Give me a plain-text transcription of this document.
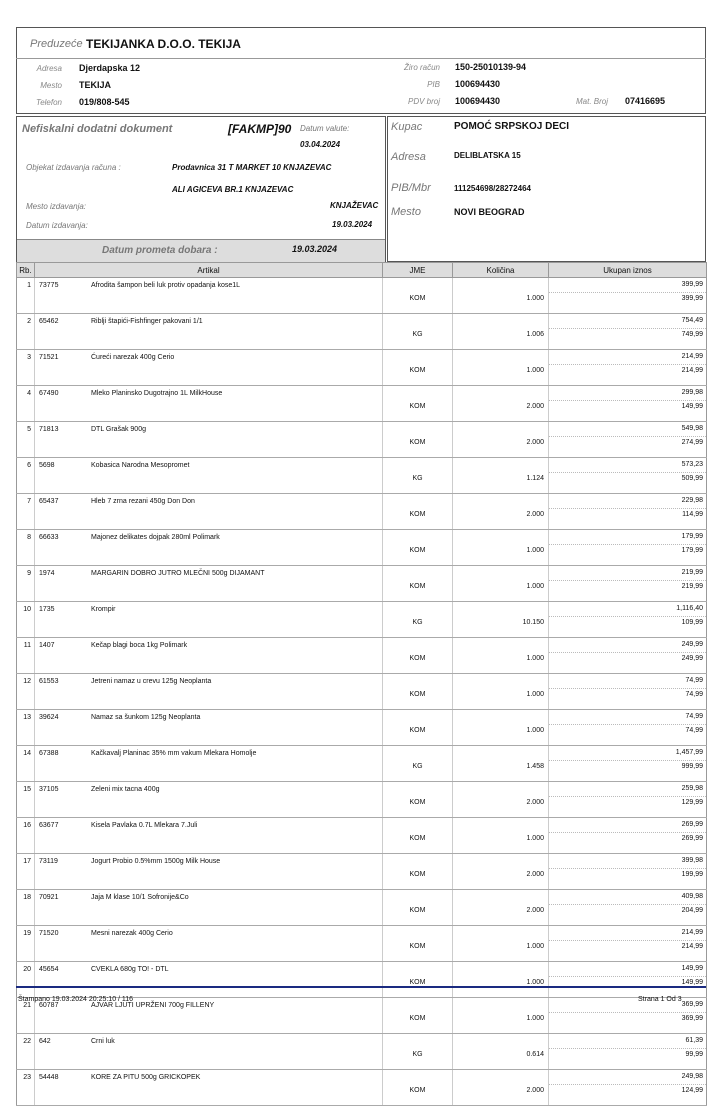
Preduzeće TEKIJANKA D.O.O. TEKIJA
Adresa Djerdapska 12
Mesto TEKIJA
Telefon 019/808-545
Žiro račun 150-25010139-94
PIB 100694430
PDV broj 100694430	Mat. Broj 07416695
Nefiskalni dodatni dokument	[FAKMP]90 Datum valute:
03.04.2024
Objekat izdavanja računa :	Prodavnica 31 T MARKET 10 KNJAZEVAC
ALI AGICEVA BR.1 KNJAZEVAC
Mesto izdavanja:	KNJAŽEVAC
Datum izdavanja:	19.03.2024
Datum prometa dobara :	19.03.2024
Kupac	POMOĆ SRPSKOJ DECI
Adresa	DELIBLATSKA 15
PIB/Mbr	111254698/28272464
Mesto	NOVI BEOGRAD
Rb.	Artikal	JME	Količina	Ukupan iznos
1	73775 Afrodita šampon beli luk protiv opadanja kose1L	KOM	1.000	399,99
399,99

2	65462 Riblji štapići-Fishfinger pakovani 1/1	KG	1.006	754,49
749,99

3	71521 Ćureći narezak 400g Cerio	KOM	1.000	214,99
214,99

4	67490 Mleko Planinsko Dugotrajno 1L MilkHouse	KOM	2.000	299,98
149,99

5	71813 DTL Grašak 900g	KOM	2.000	549,98
274,99

6	5698 Kobasica Narodna Mesopromet	KG	1.124	573,23
509,99

7	65437 Hleb 7 zrna rezani 450g Don Don	KOM	2.000	229,98
114,99

8	66633 Majonez delikates dojpak 280ml Polimark	KOM	1.000	179,99
179,99

9	1974 MARGARIN DOBRO JUTRO MLEČNI 500g DIJAMANT	KOM	1.000	219,99
219,99

10	1735 Krompir	KG	10.150	1,116,40
109,99

11	1407 Kečap blagi boca 1kg Polimark	KOM	1.000	249,99
249,99

12	61553 Jetreni namaz u crevu 125g Neoplanta	KOM	1.000	74,99
74,99

13	39624 Namaz sa šunkom 125g Neoplanta	KOM	1.000	74,99
74,99

14	67388 Kačkavalj Planinac 35% mm vakum Mlekara Homolje	KG	1.458	1,457,99
999,99

15	37105 Zeleni mix tacna 400g	KOM	2.000	259,98
129,99

16	63677 Kisela Pavlaka 0.7L Mlekara 7.Juli	KOM	1.000	269,99
269,99

17	73119 Jogurt Probio 0.5%mm 1500g Milk House	KOM	2.000	399,98
199,99

18	70921 Jaja M klase 10/1 Sofronije&Co	KOM	2.000	409,98
204,99

19	71520 Mesni narezak 400g Cerio	KOM	1.000	214,99
214,99

20	45654 CVEKLA 680g TO! - DTL	KOM	1.000	149,99
149,99

21	60787 AJVAR LJUTI UPRŽENI 700g FILLENY	KOM	1.000	369,99
369,99

22	642 Crni luk	KG	0.614	61,39
99,99

23	54448 KORE ZA PITU 500g GRICKOPEK	KOM	2.000	249,98
124,99
Štampano 19.03.2024 20:25:10 / 116	Strana 1 Od 3
